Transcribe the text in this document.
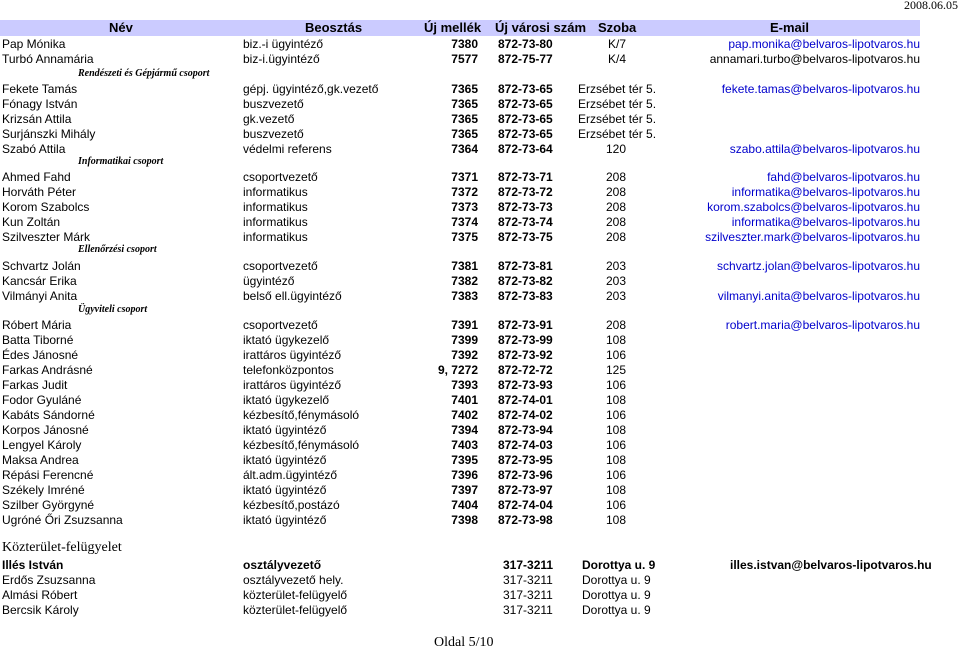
2008.06.05
Név	Beosztás	Új mellék Új városi szám Szoba	E-mail
Pap Mónika	biz.-i ügyintéző	7380 872-73-80	K/7	pap.monika@belvaros-lipotvaros.hu
Turbó Annamária	biz-i.ügyintéző	7577 872-75-77	K/4	annamari.turbo@belvaros-lipotvaros.hu
Rendészeti és Gépjármű csoport
Fekete Tamás	gépj. ügyintéző,gk.vezető	7365 872-73-65 Erzsébet tér 5.	fekete.tamas@belvaros-lipotvaros.hu
Fónagy István	buszvezető	7365 872-73-65 Erzsébet tér 5.
Krizsán Attila	gk.vezető	7365 872-73-65 Erzsébet tér 5.
Surjánszki Mihály	buszvezető	7365 872-73-65 Erzsébet tér 5.
Szabó Attila	védelmi referens	7364 872-73-64	120	szabo.attila@belvaros-lipotvaros.hu
Informatikai csoport
Ahmed Fahd	csoportvezető	7371 872-73-71	208	fahd@belvaros-lipotvaros.hu
Horváth Péter	informatikus	7372 872-73-72	208	informatika@belvaros-lipotvaros.hu
Korom Szabolcs	informatikus	7373 872-73-73	208	korom.szabolcs@belvaros-lipotvaros.hu
Kun Zoltán	informatikus	7374 872-73-74	208	informatika@belvaros-lipotvaros.hu
Szilveszter Márk	informatikus	7375 872-73-75	208	szilveszter.mark@belvaros-lipotvaros.hu
Ellenőrzési csoport
Schvartz Jolán	csoportvezető	7381 872-73-81	203	schvartz.jolan@belvaros-lipotvaros.hu
Kancsár Erika	ügyintéző	7382 872-73-82	203
Vilmányi Anita	belső ell.ügyintéző	7383 872-73-83	203	vilmanyi.anita@belvaros-lipotvaros.hu
Ügyviteli csoport
Róbert Mária	csoportvezető	7391 872-73-91	208	robert.maria@belvaros-lipotvaros.hu
Batta Tiborné	iktató ügykezelő	7399 872-73-99	108
Édes Jánosné	irattáros ügyintéző	7392 872-73-92	106
Farkas Andrásné	telefonközpontos	9, 7272 872-72-72	125
Farkas Judit	irattáros ügyintéző	7393 872-73-93	106
Fodor Gyuláné	iktató ügykezelő	7401 872-74-01	108
Kabáts Sándorné	kézbesítő,fénymásoló	7402 872-74-02	106
Korpos Jánosné	iktató ügyintéző	7394 872-73-94	108
Lengyel Károly	kézbesítő,fénymásoló	7403 872-74-03	106
Maksa Andrea	iktató ügyintéző	7395 872-73-95	108
Répási Ferencné	ált.adm.ügyintéző	7396 872-73-96	106
Székely Imréné	iktató ügyintéző	7397 872-73-97	108
Szilber Györgyné	kézbesítő,postázó	7404 872-74-04	106
Ugróné Őri Zsuzsanna	iktató ügyintéző	7398 872-73-98	108
Közterület-felügyelet
Illés István	osztályvezető	317-3211 Dorottya u. 9	illes.istvan@belvaros-lipotvaros.hu
Erdős Zsuzsanna	osztályvezető hely.	317-3211 Dorottya u. 9
Almási Róbert	közterület-felügyelő	317-3211 Dorottya u. 9
Bercsik Károly	közterület-felügyelő	317-3211 Dorottya u. 9
Oldal 5/10
